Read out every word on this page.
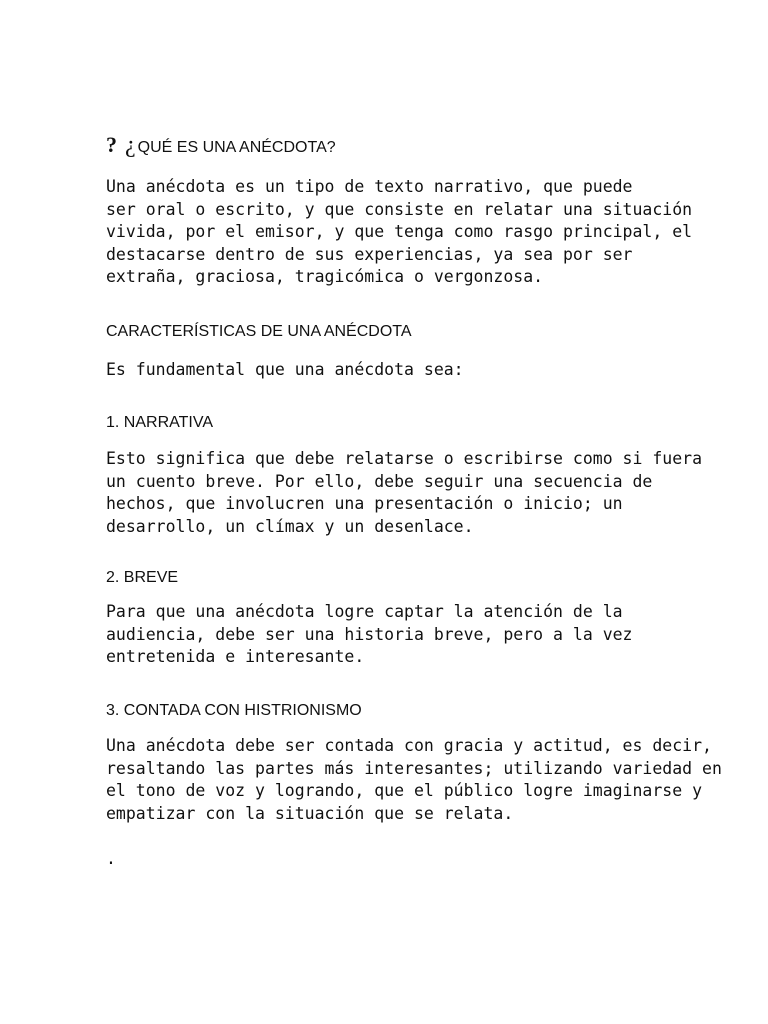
? ¿ QUÉ ES UNA ANÉCDOTA?
Una anécdota es un tipo de texto narrativo, que puede
ser oral o escrito, y que consiste en relatar una situación
vivida, por el emisor, y que tenga como rasgo principal, el
destacarse dentro de sus experiencias, ya sea por ser
extraña, graciosa, tragicómica o vergonzosa.
CARACTERÍSTICAS DE UNA ANÉCDOTA
Es fundamental que una anécdota sea:
1. NARRATIVA
Esto significa que debe relatarse o escribirse como si fuera
un cuento breve. Por ello, debe seguir una secuencia de
hechos, que involucren una presentación o inicio; un
desarrollo, un clímax y un desenlace.
2. BREVE
Para que una anécdota logre captar la atención de la
audiencia, debe ser una historia breve, pero a la vez
entretenida e interesante.
3. CONTADA CON HISTRIONISMO
Una anécdota debe ser contada con gracia y actitud, es decir,
resaltando las partes más interesantes; utilizando variedad en
el tono de voz y logrando, que el público logre imaginarse y
empatizar con la situación que se relata.
.
